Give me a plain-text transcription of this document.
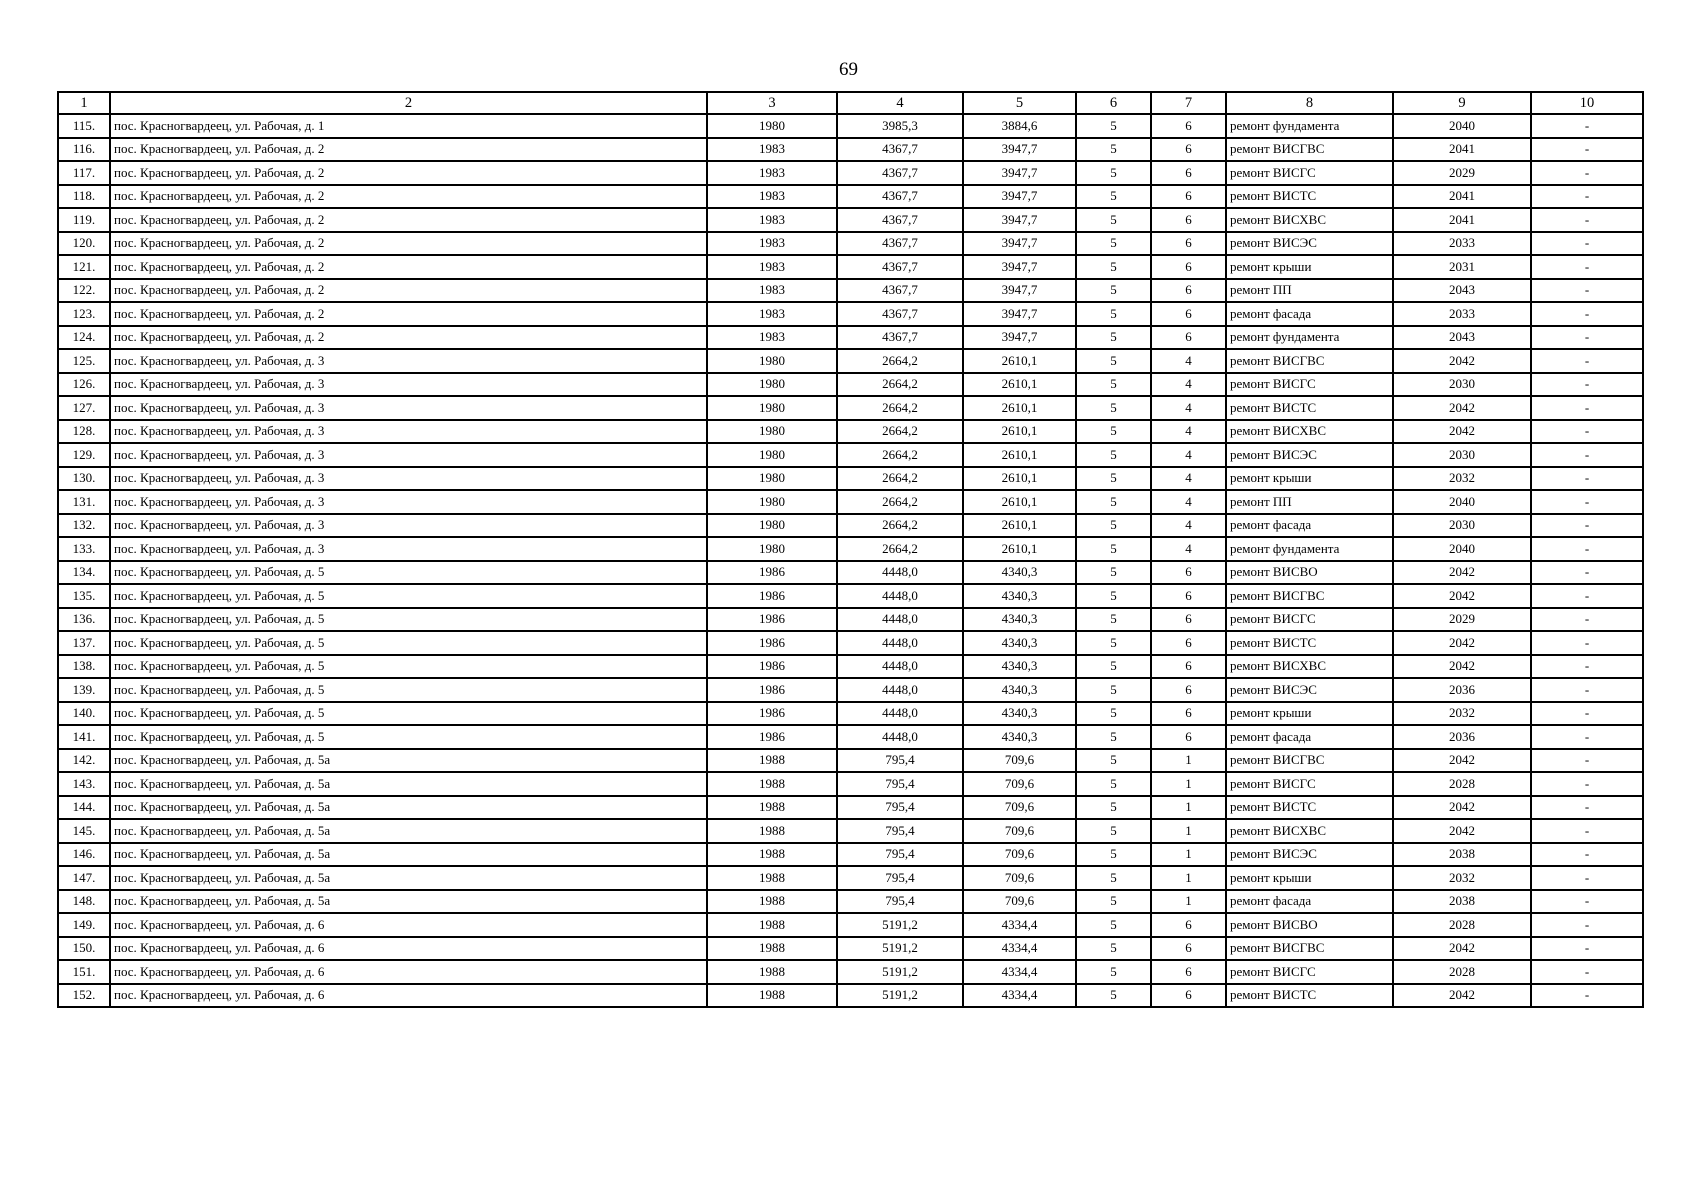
69
1	2	3	4	5	6	7	8	9	10
115.	пос. Красногвардеец, ул. Рабочая, д. 1	1980	3985,3	3884,6	5	6	ремонт фундамента	2040	-
116.	пос. Красногвардеец, ул. Рабочая, д. 2	1983	4367,7	3947,7	5	6	ремонт ВИСГВС	2041	-
117.	пос. Красногвардеец, ул. Рабочая, д. 2	1983	4367,7	3947,7	5	6	ремонт ВИСГС	2029	-
118.	пос. Красногвардеец, ул. Рабочая, д. 2	1983	4367,7	3947,7	5	6	ремонт ВИСТС	2041	-
119.	пос. Красногвардеец, ул. Рабочая, д. 2	1983	4367,7	3947,7	5	6	ремонт ВИСХВС	2041	-
120.	пос. Красногвардеец, ул. Рабочая, д. 2	1983	4367,7	3947,7	5	6	ремонт ВИСЭС	2033	-
121.	пос. Красногвардеец, ул. Рабочая, д. 2	1983	4367,7	3947,7	5	6	ремонт крыши	2031	-
122.	пос. Красногвардеец, ул. Рабочая, д. 2	1983	4367,7	3947,7	5	6	ремонт ПП	2043	-
123.	пос. Красногвардеец, ул. Рабочая, д. 2	1983	4367,7	3947,7	5	6	ремонт фасада	2033	-
124.	пос. Красногвардеец, ул. Рабочая, д. 2	1983	4367,7	3947,7	5	6	ремонт фундамента	2043	-
125.	пос. Красногвардеец, ул. Рабочая, д. 3	1980	2664,2	2610,1	5	4	ремонт ВИСГВС	2042	-
126.	пос. Красногвардеец, ул. Рабочая, д. 3	1980	2664,2	2610,1	5	4	ремонт ВИСГС	2030	-
127.	пос. Красногвардеец, ул. Рабочая, д. 3	1980	2664,2	2610,1	5	4	ремонт ВИСТС	2042	-
128.	пос. Красногвардеец, ул. Рабочая, д. 3	1980	2664,2	2610,1	5	4	ремонт ВИСХВС	2042	-
129.	пос. Красногвардеец, ул. Рабочая, д. 3	1980	2664,2	2610,1	5	4	ремонт ВИСЭС	2030	-
130.	пос. Красногвардеец, ул. Рабочая, д. 3	1980	2664,2	2610,1	5	4	ремонт крыши	2032	-
131.	пос. Красногвардеец, ул. Рабочая, д. 3	1980	2664,2	2610,1	5	4	ремонт ПП	2040	-
132.	пос. Красногвардеец, ул. Рабочая, д. 3	1980	2664,2	2610,1	5	4	ремонт фасада	2030	-
133.	пос. Красногвардеец, ул. Рабочая, д. 3	1980	2664,2	2610,1	5	4	ремонт фундамента	2040	-
134.	пос. Красногвардеец, ул. Рабочая, д. 5	1986	4448,0	4340,3	5	6	ремонт ВИСВО	2042	-
135.	пос. Красногвардеец, ул. Рабочая, д. 5	1986	4448,0	4340,3	5	6	ремонт ВИСГВС	2042	-
136.	пос. Красногвардеец, ул. Рабочая, д. 5	1986	4448,0	4340,3	5	6	ремонт ВИСГС	2029	-
137.	пос. Красногвардеец, ул. Рабочая, д. 5	1986	4448,0	4340,3	5	6	ремонт ВИСТС	2042	-
138.	пос. Красногвардеец, ул. Рабочая, д. 5	1986	4448,0	4340,3	5	6	ремонт ВИСХВС	2042	-
139.	пос. Красногвардеец, ул. Рабочая, д. 5	1986	4448,0	4340,3	5	6	ремонт ВИСЭС	2036	-
140.	пос. Красногвардеец, ул. Рабочая, д. 5	1986	4448,0	4340,3	5	6	ремонт крыши	2032	-
141.	пос. Красногвардеец, ул. Рабочая, д. 5	1986	4448,0	4340,3	5	6	ремонт фасада	2036	-
142.	пос. Красногвардеец, ул. Рабочая, д. 5а	1988	795,4	709,6	5	1	ремонт ВИСГВС	2042	-
143.	пос. Красногвардеец, ул. Рабочая, д. 5а	1988	795,4	709,6	5	1	ремонт ВИСГС	2028	-
144.	пос. Красногвардеец, ул. Рабочая, д. 5а	1988	795,4	709,6	5	1	ремонт ВИСТС	2042	-
145.	пос. Красногвардеец, ул. Рабочая, д. 5а	1988	795,4	709,6	5	1	ремонт ВИСХВС	2042	-
146.	пос. Красногвардеец, ул. Рабочая, д. 5а	1988	795,4	709,6	5	1	ремонт ВИСЭС	2038	-
147.	пос. Красногвардеец, ул. Рабочая, д. 5а	1988	795,4	709,6	5	1	ремонт крыши	2032	-
148.	пос. Красногвардеец, ул. Рабочая, д. 5а	1988	795,4	709,6	5	1	ремонт фасада	2038	-
149.	пос. Красногвардеец, ул. Рабочая, д. 6	1988	5191,2	4334,4	5	6	ремонт ВИСВО	2028	-
150.	пос. Красногвардеец, ул. Рабочая, д. 6	1988	5191,2	4334,4	5	6	ремонт ВИСГВС	2042	-
151.	пос. Красногвардеец, ул. Рабочая, д. 6	1988	5191,2	4334,4	5	6	ремонт ВИСГС	2028	-
152.	пос. Красногвардеец, ул. Рабочая, д. 6	1988	5191,2	4334,4	5	6	ремонт ВИСТС	2042	-
